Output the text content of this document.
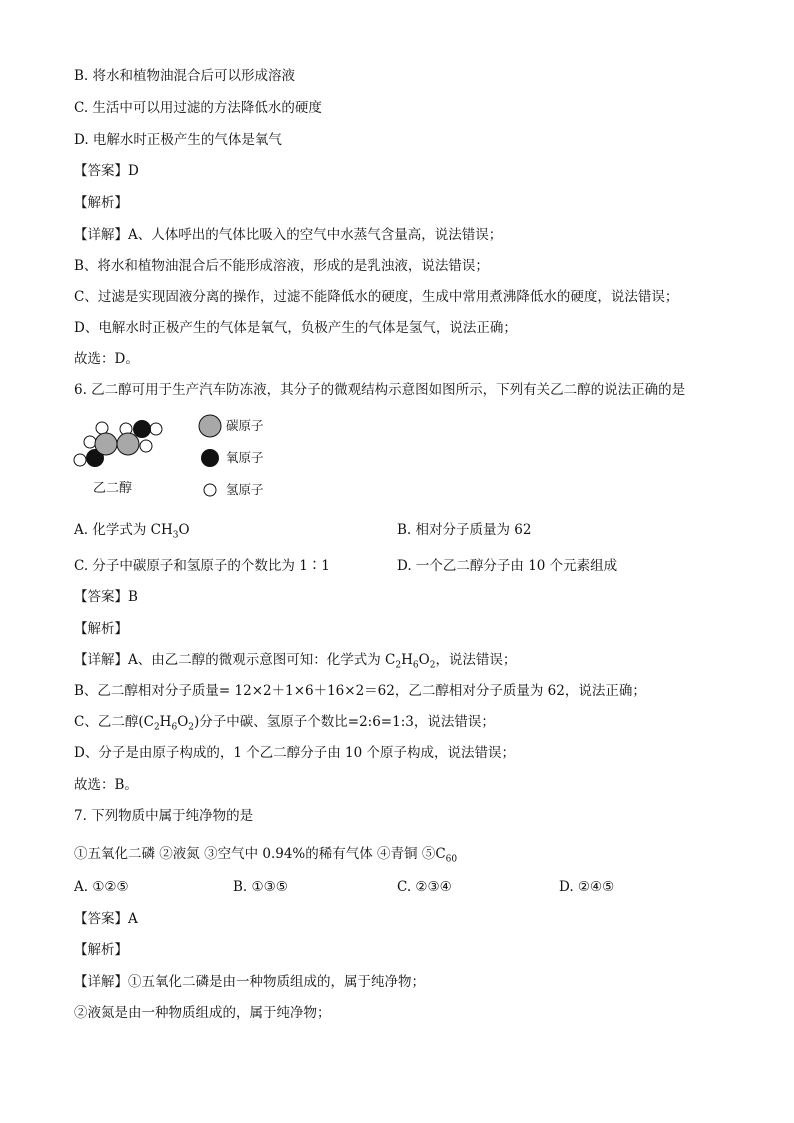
B. 将水和植物油混合后可以形成溶液
C. 生活中可以用过滤的方法降低水的硬度
D. 电解水时正极产生的气体是氧气
【答案】D
【解析】
【详解】A、人体呼出的气体比吸入的空气中水蒸气含量高，说法错误；
B、将水和植物油混合后不能形成溶液，形成的是乳浊液，说法错误；
C、过滤是实现固液分离的操作，过滤不能降低水的硬度，生成中常用煮沸降低水的硬度，说法错误；
D、电解水时正极产生的气体是氧气，负极产生的气体是氢气，说法正确；
故选：D。
6. 乙二醇可用于生产汽车防冻液，其分子的微观结构示意图如图所示，下列有关乙二醇的说法正确的是
乙二醇
碳原子
氧原子
氢原子
A. 化学式为 $CH_3O$	B. 相对分子质量为 62
C. 分子中碳原子和氢原子的个数比为 1∶1	D. 一个乙二醇分子由 10 个元素组成
【答案】B
【解析】
【详解】A、由乙二醇的微观示意图可知：化学式为 $C_2H_6O_2$，说法错误；
B、乙二醇相对分子质量= 12×2＋1×6＋16×2＝62，乙二醇相对分子质量为 62，说法正确；
C、乙二醇$(C_2H_6O_2)$分子中碳、氢原子个数比=2:6=1:3，说法错误；
D、分子是由原子构成的，1 个乙二醇分子由 10 个原子构成，说法错误；
故选：B。
7. 下列物质中属于纯净物的是
①五氧化二磷 ②液氮 ③空气中 0.94%的稀有气体 ④青铜 $⑤C_{60}$
A. ①②⑤	B. ①③⑤	C. ②③④	D. ②④⑤
【答案】A
【解析】
【详解】①五氧化二磷是由一种物质组成的，属于纯净物；
②液氮是由一种物质组成的，属于纯净物；
